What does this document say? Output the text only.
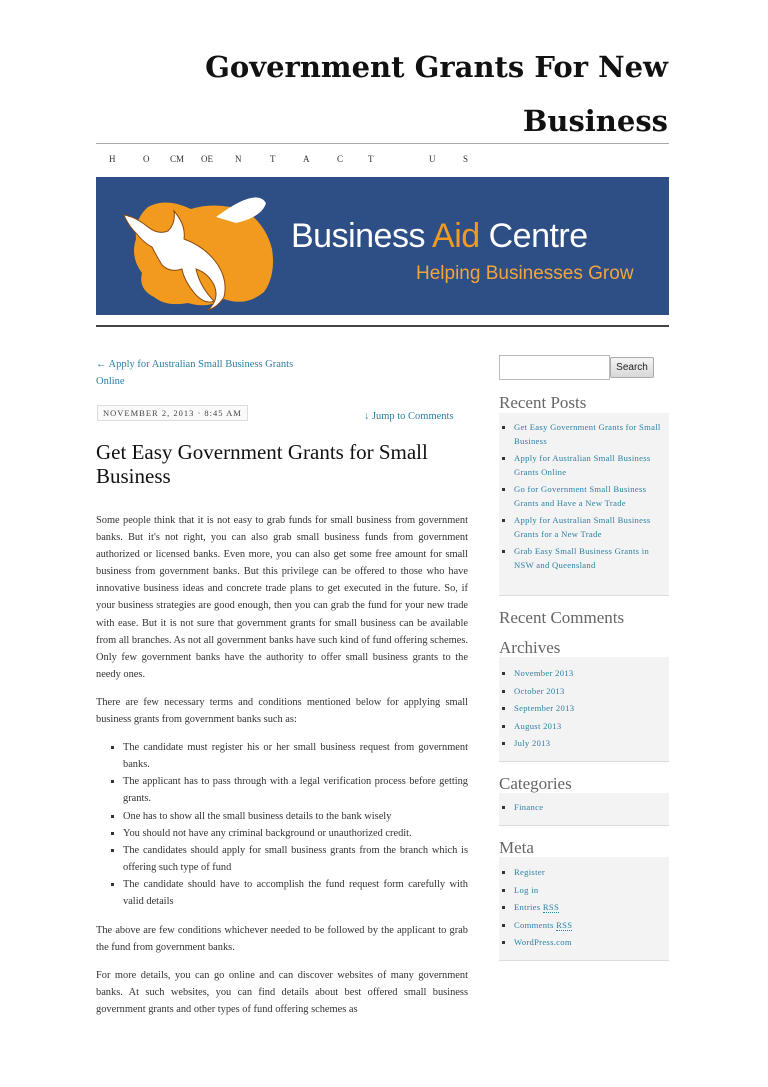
Government Grants For New
Business
H	O CM OE N	T	A	C	T	U	S
Business Aid Centre
Helping Businesses Grow
← Apply for Australian Small Business Grants Online
NOVEMBER 2, 2013 · 8:45 AM	↓ Jump to Comments
Get Easy Government Grants for Small Business

Some people think that it is not easy to grab funds for small business from government banks. But it's not right, you can also grab small business funds from government authorized or licensed banks. Even more, you can also get some free amount for small business from government banks. But this privilege can be offered to those who have innovative business ideas and concrete trade plans to get executed in the future. So, if your business strategies are good enough, then you can grab the fund for your new trade with ease. But it is not sure that government grants for small business can be available from all branches. As not all government banks have such kind of fund offering schemes. Only few government banks have the authority to offer small business grants to the needy ones.

There are few necessary terms and conditions mentioned below for applying small business grants from government banks such as:

▪ The candidate must register his or her small business request from government banks.
▪ The applicant has to pass through with a legal verification process before getting grants.
▪ One has to show all the small business details to the bank wisely
▪ You should not have any criminal background or unauthorized credit.
▪ The candidates should apply for small business grants from the branch which is offering such type of fund
▪ The candidate should have to accomplish the fund request form carefully with valid details

The above are few conditions whichever needed to be followed by the applicant to grab the fund from government banks.

For more details, you can go online and can discover websites of many government banks. At such websites, you can find details about best offered small business government grants and other types of fund offering schemes as

Search
Recent Posts
▪ Get Easy Government Grants for Small Business
▪ Apply for Australian Small Business Grants Online
▪ Go for Government Small Business Grants and Have a New Trade
▪ Apply for Australian Small Business Grants for a New Trade
▪ Grab Easy Small Business Grants in NSW and Queensland
Recent Comments
Archives
▪ November 2013
▪ October 2013
▪ September 2013
▪ August 2013
▪ July 2013
Categories
▪ Finance
Meta
▪ Register
▪ Log in
▪ Entries RSS
▪ Comments RSS
▪ WordPress.com
